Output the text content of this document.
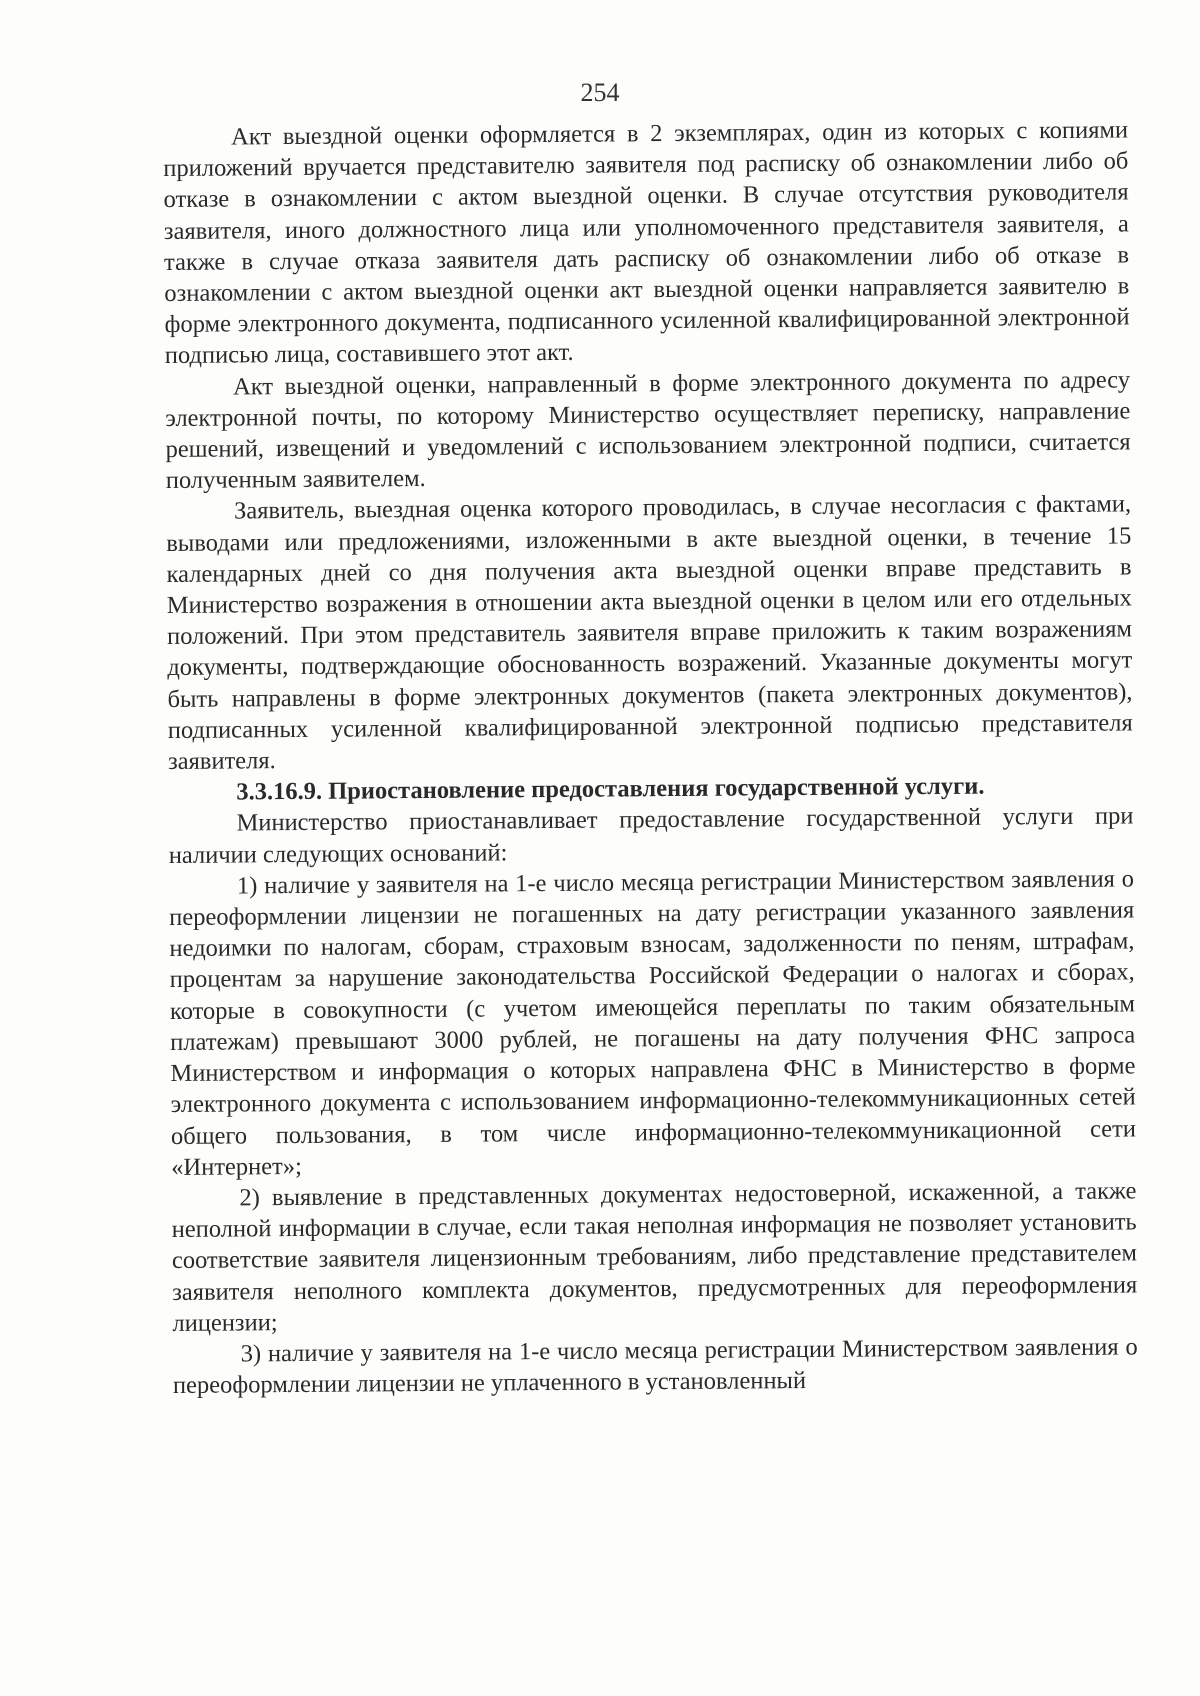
254

Акт выездной оценки оформляется в 2 экземплярах, один из которых с копиями приложений вручается представителю заявителя под расписку об ознакомлении либо об отказе в ознакомлении с актом выездной оценки. В случае отсутствия руководителя заявителя, иного должностного лица или уполномоченного представителя заявителя, а также в случае отказа заявителя дать расписку об ознакомлении либо об отказе в ознакомлении с актом выездной оценки акт выездной оценки направляется заявителю в форме электронного документа, подписанного усиленной квалифицированной электронной подписью лица, составившего этот акт.

Акт выездной оценки, направленный в форме электронного документа по адресу электронной почты, по которому Министерство осуществляет переписку, направление решений, извещений и уведомлений с использованием электронной подписи, считается полученным заявителем.

Заявитель, выездная оценка которого проводилась, в случае несогласия с фактами, выводами или предложениями, изложенными в акте выездной оценки, в течение 15 календарных дней со дня получения акта выездной оценки вправе представить в Министерство возражения в отношении акта выездной оценки в целом или его отдельных положений. При этом представитель заявителя вправе приложить к таким возражениям документы, подтверждающие обоснованность возражений. Указанные документы могут быть направлены в форме электронных документов (пакета электронных документов), подписанных усиленной квалифицированной электронной подписью представителя заявителя.

3.3.16.9. Приостановление предоставления государственной услуги.

Министерство приостанавливает предоставление государственной услуги при наличии следующих оснований:

1) наличие у заявителя на 1-е число месяца регистрации Министерством заявления о переоформлении лицензии не погашенных на дату регистрации указанного заявления недоимки по налогам, сборам, страховым взносам, задолженности по пеням, штрафам, процентам за нарушение законодательства Российской Федерации о налогах и сборах, которые в совокупности (с учетом имеющейся переплаты по таким обязательным платежам) превышают 3000 рублей, не погашены на дату получения ФНС запроса Министерством и информация о которых направлена ФНС в Министерство в форме электронного документа с использованием информационно-телекоммуникационных сетей общего пользования, в том числе информационно-телекоммуникационной сети «Интернет»;

2) выявление в представленных документах недостоверной, искаженной, а также неполной информации в случае, если такая неполная информация не позволяет установить соответствие заявителя лицензионным требованиям, либо представление представителем заявителя неполного комплекта документов, предусмотренных для переоформления лицензии;

3) наличие у заявителя на 1-е число месяца регистрации Министерством заявления о переоформлении лицензии не уплаченного в установленный
